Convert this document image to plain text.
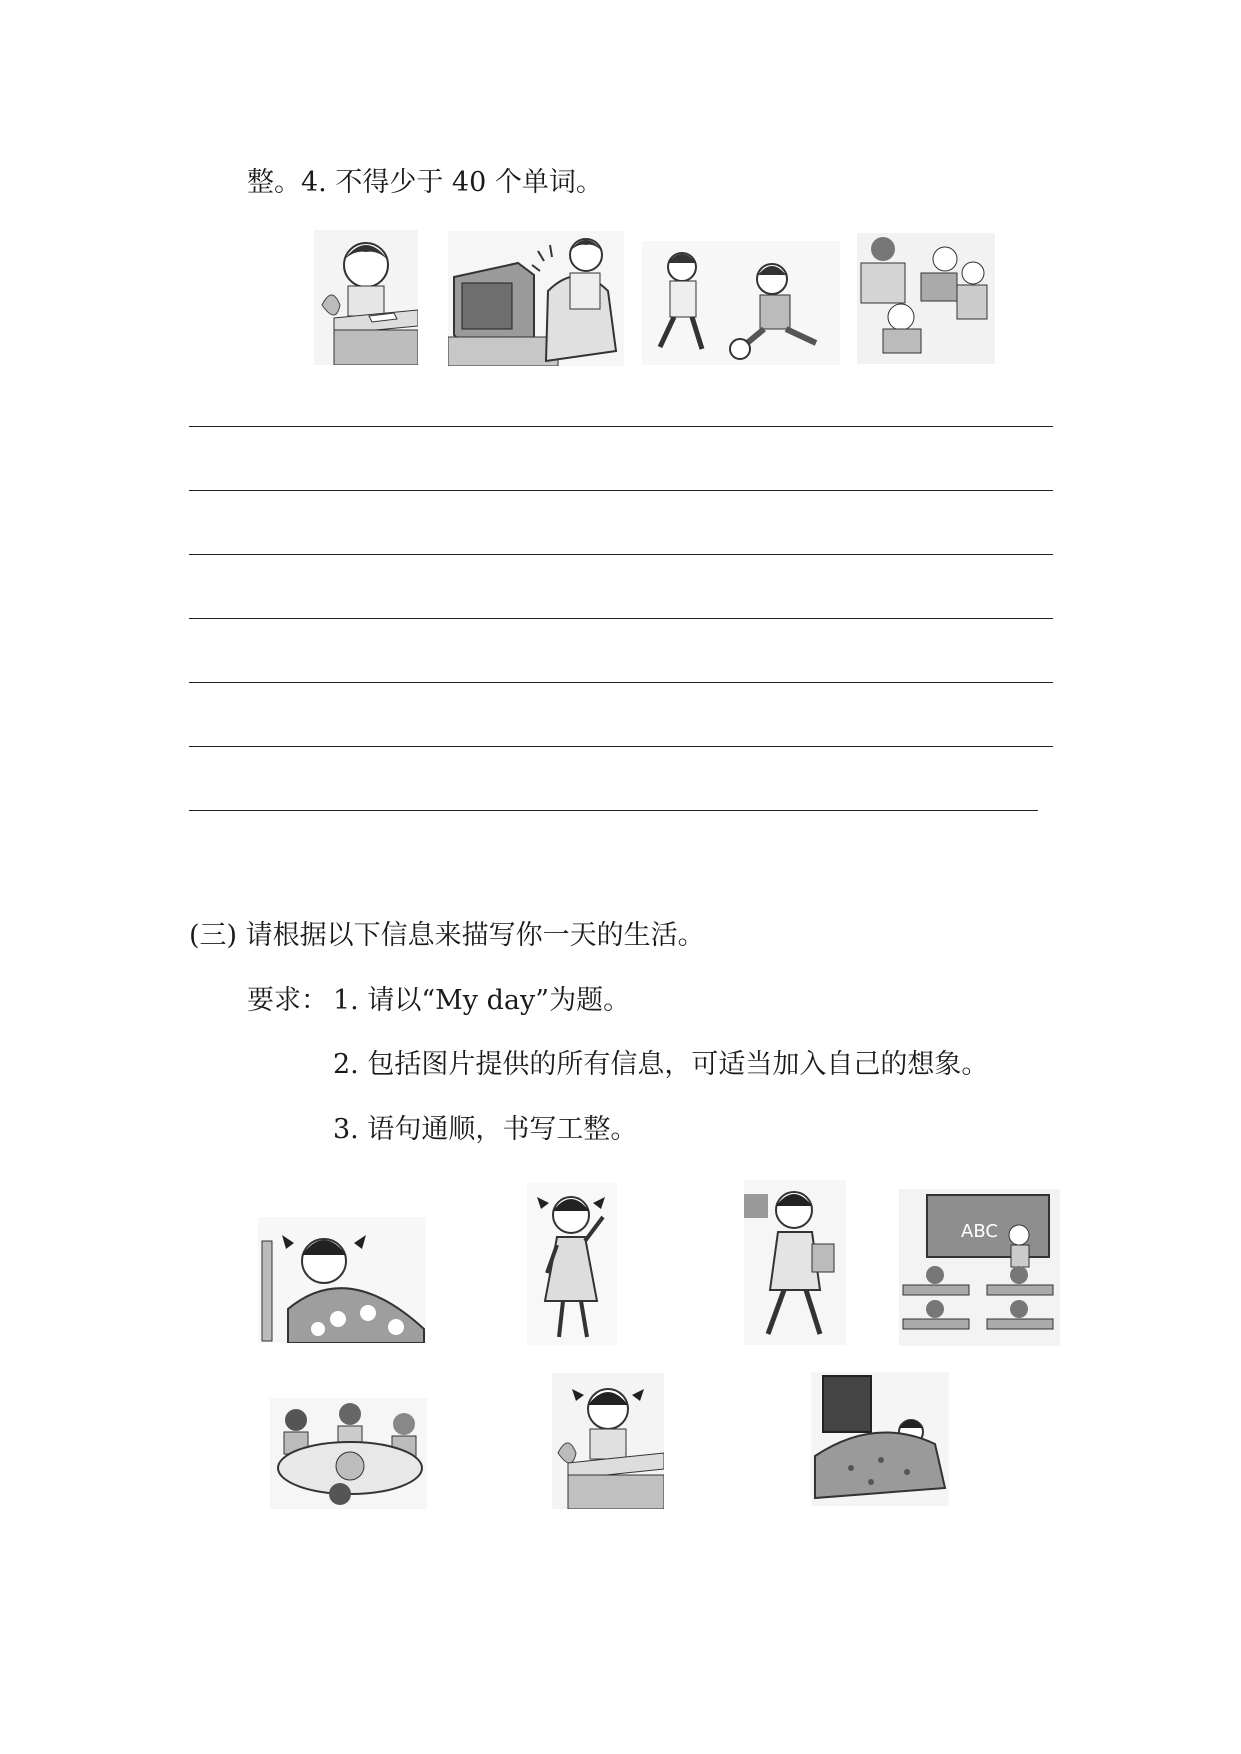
整。4. 不得少于 40 个单词。
(三) 请根据以下信息来描写你一天的生活。
要求： 1. 请以“My day”为题。
2. 包括图片提供的所有信息，可适当加入自己的想象。
3. 语句通顺，书写工整。
ABC
